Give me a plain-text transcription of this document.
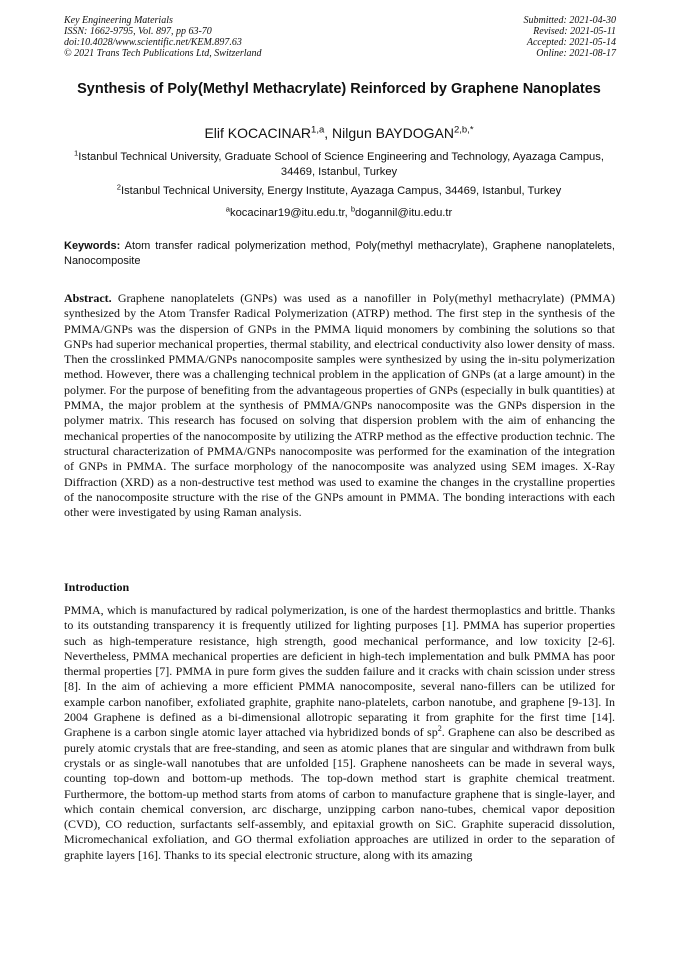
Key Engineering Materials
ISSN: 1662-9795, Vol. 897, pp 63-70
doi:10.4028/www.scientific.net/KEM.897.63
© 2021 Trans Tech Publications Ltd, Switzerland
Submitted: 2021-04-30
Revised: 2021-05-11
Accepted: 2021-05-14
Online: 2021-08-17
Synthesis of Poly(Methyl Methacrylate) Reinforced by Graphene Nanoplates
Elif KOCACINAR$^{1,a}$, Nilgun $BAYDOGAN^{2,b,*}$
$^1$Istanbul Technical University, Graduate School of Science Engineering and Technology, Ayazaga Campus, 34469, Istanbul, Turkey
$^2$Istanbul Technical University, Energy Institute, Ayazaga Campus, 34469, Istanbul, Turkey
$^a$kocacinar19@itu.edu.tr, $^b$dogannil@itu.edu.tr
Keywords: Atom transfer radical polymerization method, Poly(methyl methacrylate), Graphene nanoplatelets, Nanocomposite
Abstract. Graphene nanoplatelets (GNPs) was used as a nanofiller in Poly(methyl methacrylate) (PMMA) synthesized by the Atom Transfer Radical Polymerization (ATRP) method. The first step in the synthesis of the PMMA/GNPs was the dispersion of GNPs in the PMMA liquid monomers by combining the solutions so that GNPs had superior mechanical properties, thermal stability, and electrical conductivity also lower density of mass. Then the crosslinked PMMA/GNPs nanocomposite samples were synthesized by using the in-situ polymerization method. However, there was a challenging technical problem in the application of GNPs (at a large amount) in the polymer. For the purpose of benefiting from the advantageous properties of GNPs (especially in bulk quantities) at PMMA, the major problem at the synthesis of PMMA/GNPs nanocomposite was the GNPs dispersion in the polymer matrix. This research has focused on solving that dispersion problem with the aim of enhancing the mechanical properties of the nanocomposite by utilizing the ATRP method as the effective production technic. The structural characterization of PMMA/GNPs nanocomposite was performed for the examination of the integration of GNPs in PMMA. The surface morphology of the nanocomposite was analyzed using SEM images. X-Ray Diffraction (XRD) as a non-destructive test method was used to examine the changes in the crystalline properties of the nanocomposite structure with the rise of the GNPs amount in PMMA. The bonding interactions with each other were investigated by using Raman analysis.
Introduction
PMMA, which is manufactured by radical polymerization, is one of the hardest thermoplastics and brittle. Thanks to its outstanding transparency it is frequently utilized for lighting purposes [1]. PMMA has superior properties such as high-temperature resistance, high strength, good mechanical performance, and low toxicity [2-6]. Nevertheless, PMMA mechanical properties are deficient in high-tech implementation and bulk PMMA has poor thermal properties [7]. PMMA in pure form gives the sudden failure and it cracks with chain scission under stress [8]. In the aim of achieving a more efficient PMMA nanocomposite, several nano-fillers can be utilized for example carbon nanofiber, exfoliated graphite, graphite nano-platelets, carbon nanotube, and graphene [9-13]. In 2004 Graphene is defined as a bi-dimensional allotropic separating it from graphite for the first time [14]. Graphene is a carbon single atomic layer attached via hybridized bonds of $sp^2$. Graphene can also be described as purely atomic crystals that are free-standing, and seen as atomic planes that are singular and withdrawn from bulk crystals or as single-wall nanotubes that are unfolded [15]. Graphene nanosheets can be made in several ways, counting top-down and bottom-up methods. The top-down method start is graphite chemical treatment. Furthermore, the bottom-up method starts from atoms of carbon to manufacture graphene that is single-layer, and which contain chemical conversion, arc discharge, unzipping carbon nano-tubes, chemical vapor deposition (CVD), CO reduction, surfactants self-assembly, and epitaxial growth on SiC. Graphite superacid dissolution, Micromechanical exfoliation, and GO thermal exfoliation approaches are utilized in order to the separation of graphite layers [16]. Thanks to its special electronic structure, along with its amazing
